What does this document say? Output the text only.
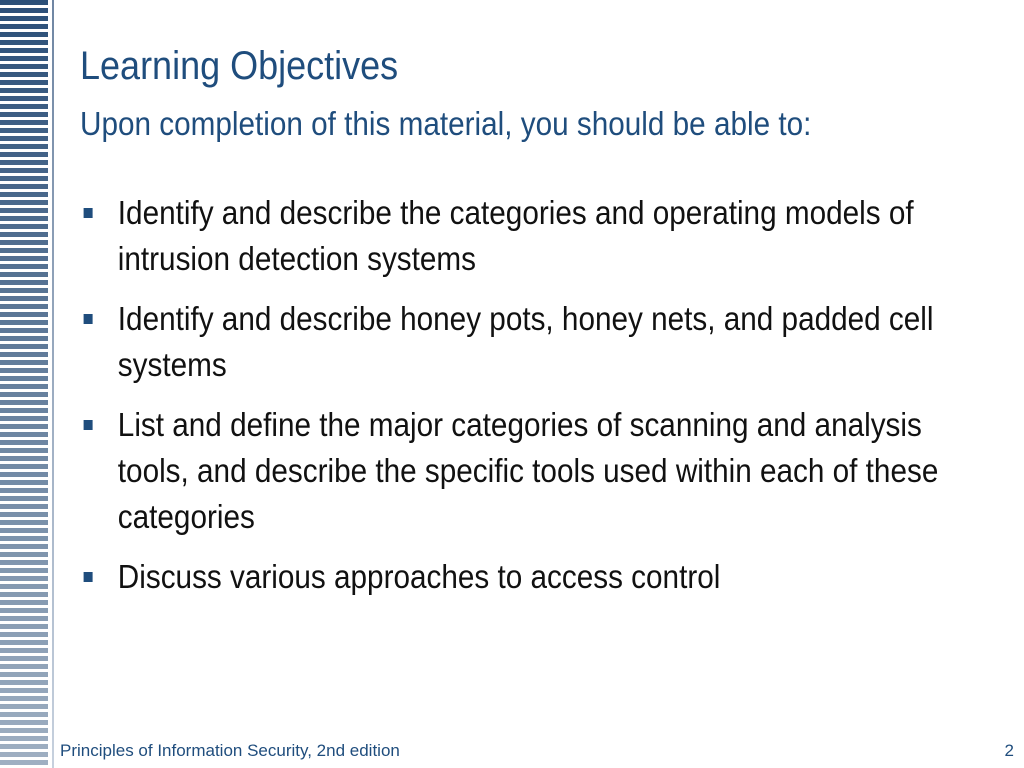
Learning Objectives
Upon completion of this material, you should be able to:
Identify and describe the categories and operating models of intrusion detection systems
Identify and describe honey pots, honey nets, and padded cell systems
List and define the major categories of scanning and analysis tools, and describe the specific tools used within each of these categories
Discuss various approaches to access control
Principles of Information Security, 2nd edition	2
